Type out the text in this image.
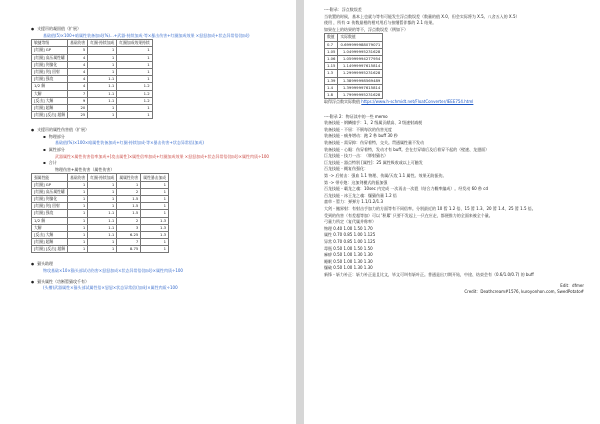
● 支援吊的凝固值（扩展）
基础值(5)×100+暗属性装备加成(%)…+武器·持续加成·等×暴击伤害+红圈加成效果 ×怒怒加成+状态异常倍(加成)
敏捷等级	基础伤害	红圈·持续加成	红圈加成效果持续
[红圈] GP	5	1	1
[红圈] 高压属性罐	4	1	1
[红圈] 剑撞化	4	1	1
[红圈] 剑] 回射	4	1	1
[红圈] 强攻	4	1.1	1
1/2 解	4	1.1	1.2
大解	7	1.1	1.2
[反击] 大解	9	1.1	1.2
[红圈] 超解	20	1	1
[红圈] [反击] 超解	25	1	1
● 支援吊的属性伤害值（扩展）
▪ 物理部分
基础值(%)×100×暗属性装备加成+红圈·持续加成·等×暴击伤害+状态异常倍(加成)
▪ 属性部分
武器属性×属性伤害倍率加成+[攻击属性]×属性倍率加成+红圈加成效果 ×怒怒加成+状态异常倍(加成)×属性肉质÷100
▪ 合计
物理伤害+属性伤害（属性伤害）
强属性能	基础伤害	红圈·持续加成	属属性伤害	属性暴击加成
[红圈] GP	1	1	1	1
[红圈] 高压属性罐	1	1	2	1
[红圈] 剑撞化	1	1	1.5	1
[红圈] 剑] 回射	1	1	1.5	1
[红圈] 强攻	1	1.1	1.5	1
1/2 解	1	1.1	2	1.3
大解	1	1.1	3	1.3
[反击] 大解	1	1.1	6.25	1.3
[红圈] 超解	1	1	7	1
[红圈] [反击] 超解	1	1	8.75	1
● 猫头助理
物攻基础×10×猫头部试动伤害×怒怒加成×状态异常倍(加成)×属性肉质÷100
● 猫头属性（功断暂猫攻千有）
(头槽)武器属性×猫头部试属性倍×怒怒×状态异常倍(加成)×属性肉质÷100
----附录：浮点数误差
当装置的时候，基本上也就与等有可能发生浮点数误差（数量的值 X.0，但会实际将为 X.5。八舍五入的 X.5）
使用 ，所有 ① 伤数最相的相对用后与按继暂伴都的 2.1 结果。
如果在上的结果的等不，浮点数误差（例如下）
数值	实际数值
0.7	0.699999988079071
1.05	1.04999995231628
1.06	1.05999994277954
1.15	1.14999997615814
1.3	1.29999995231628
1.39	1.38999998569489
1.4	1.39999997615814
1.8	1.79999995231628
取得浮点数实际数值 https://www.h-schmidt.net/FloatConverter/IEEE754.html
----附录 2：物证读中的一些 memo
装备技能 - 钢鳞撞手：1、2 级属贡献高、3 级速射减税
装备技能 - 不屈：不倒每次的伤害光度
装备技能 - 痛身增动：跑 2 秒 buff 30 秒
装备技能 - 需穿抑：伤穿着特，交关。贯通属性量不发动
装备技能 - 心眼：伤穿着特，发动才有 buff。会在打穿墙后及后着穿不起的（壁速、龙翅面）
巨龙技能 - 技刀一击：（绑射猫名）
巨龙技能 - 器点特别 [属性]：25 属性吸收或以上可触发
百龙技能 - 概复伤强化：
第 -> 后射击：强血 1.1 物理、伤属/天攻 1.1 属性。效果无防振伤。
第 -> 带专炮：这加剑模式的振加强
百龙技能 - 霸龙之魂：10sec 内完成 一次再击一次裂（结合力概率编成）。经发动 60 秒 cd
百龙技能 - 冰王龙之魂：爆猫伤量 1.2 倍
童草 - 暂力：弹弹方 1.1/1.2/1.3
大剑 - 撤界射：有射击手加力的方面等有不同倍率。分别最近的 10 暂 1.2 倍、15 暂 1.3、20 暂 1.4、25 暂 1.5 倍。
受到的伤害（有差超等加）可以 '积累' 只要不发起上一只在应走，都便推力的全面来被全个量。
弓量力所定（复代属并称率）
物理 0.40 1.00 1.50 1.70
属性 0.70 0.85 1.00 1.125
异常 0.70 0.85 1.00 1.125
毒瓶 0.50 1.00 1.50 1.50
麻痹 0.50 1.00 1.30 1.30
睡眠 0.50 1.00 1.30 1.30
爆破 0.50 1.00 1.30 1.30
新锋 - 斩力补正：斩力补正是且比文，毕文可叫有斩叶正。普通是出刀期开始，中途、结束会有（0.6/1.0/0.7) 的 buff
Edit：dfmer
Credit：Deathcream#1576, kuroyonhon.com, SwedPotato#
